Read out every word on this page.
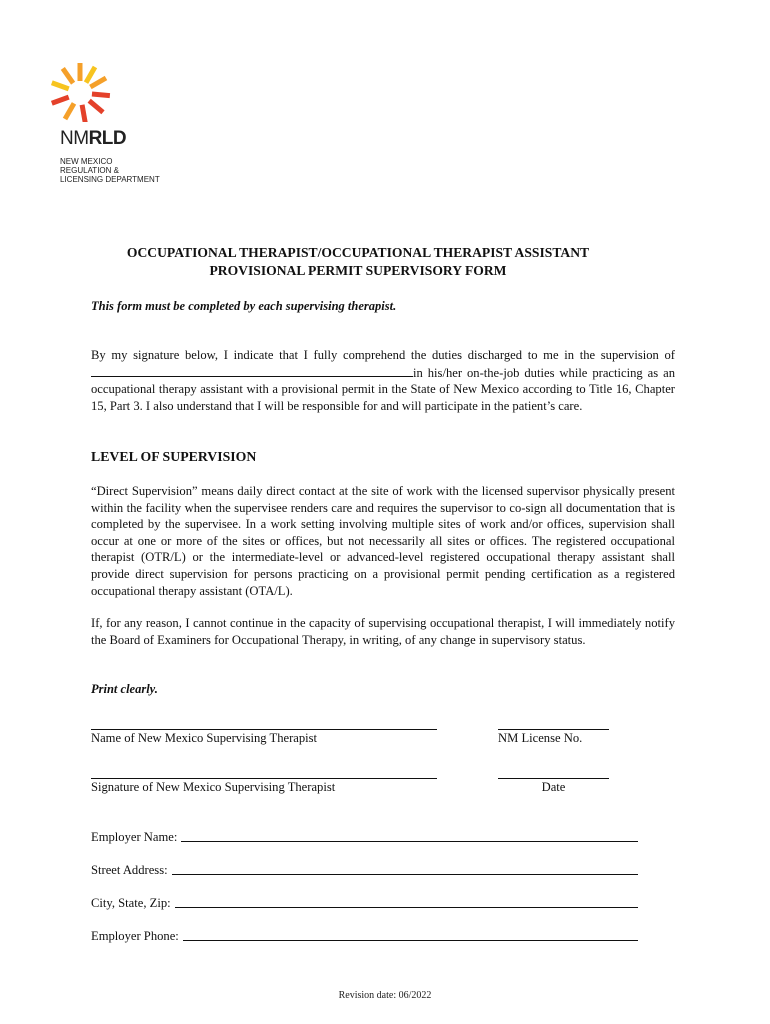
NMRLD
NEW MEXICO
REGULATION &
LICENSING DEPARTMENT
OCCUPATIONAL THERAPIST/OCCUPATIONAL THERAPIST ASSISTANT
PROVISIONAL PERMIT SUPERVISORY FORM
This form must be completed by each supervising therapist.
By my signature below, I indicate that I fully comprehend the duties discharged to me in the supervision of in his/her on-the-job duties while practicing as an occupational therapy assistant with a provisional permit in the State of New Mexico according to Title 16, Chapter 15, Part 3. I also understand that I will be responsible for and will participate in the patient’s care.
LEVEL OF SUPERVISION
“Direct Supervision” means daily direct contact at the site of work with the licensed supervisor physically present within the facility when the supervisee renders care and requires the supervisor to co-sign all documentation that is completed by the supervisee. In a work setting involving multiple sites of work and/or offices, supervision shall occur at one or more of the sites or offices, but not necessarily all sites or offices. The registered occupational therapist (OTR/L) or the intermediate-level or advanced-level registered occupational therapy assistant shall provide direct supervision for persons practicing on a provisional permit pending certification as a registered occupational therapy assistant (OTA/L).
If, for any reason, I cannot continue in the capacity of supervising occupational therapist, I will immediately notify the Board of Examiners for Occupational Therapy, in writing, of any change in supervisory status.
Print clearly.
Name of New Mexico Supervising Therapist	NM License No.
Signature of New Mexico Supervising Therapist	Date
Employer Name:
Street Address:
City, State, Zip:
Employer Phone:
Revision date: 06/2022
